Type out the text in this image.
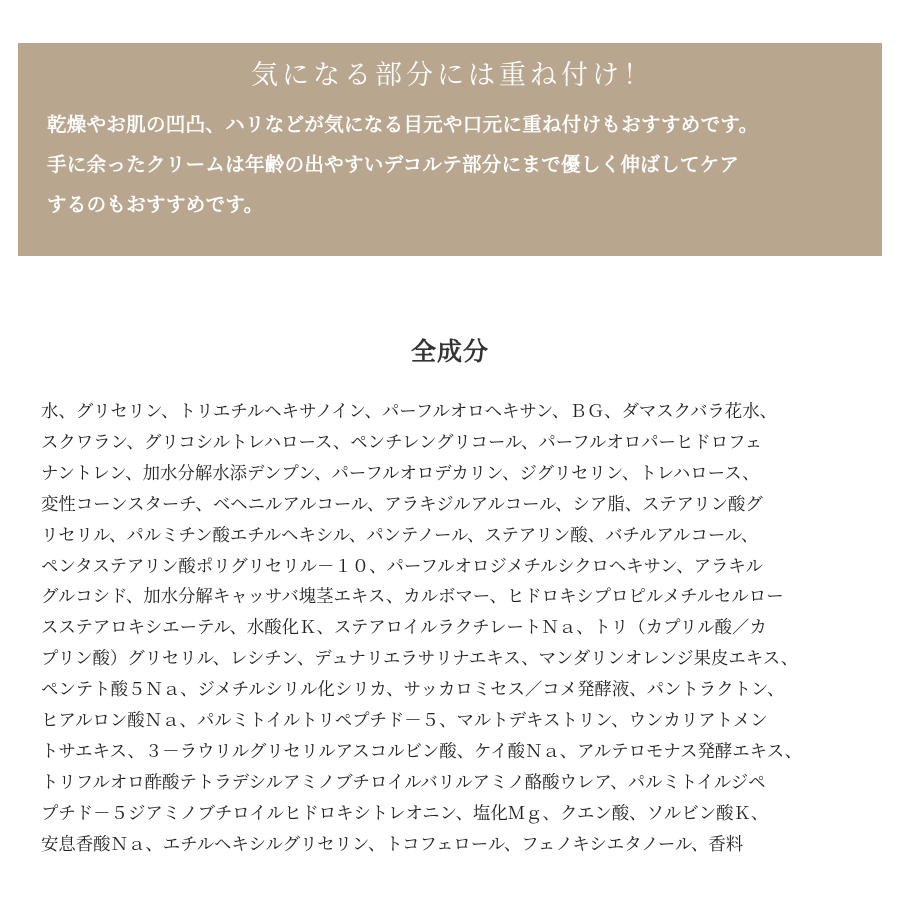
気になる部分には重ね付け！
乾燥やお肌の凹凸、ハリなどが気になる目元や口元に重ね付けもおすすめです。
手に余ったクリームは年齢の出やすいデコルテ部分にまで優しく伸ばしてケア
するのもおすすめです。
全成分
水、グリセリン、トリエチルヘキサノイン、パーフルオロヘキサン、ＢＧ、ダマスクバラ花水、
スクワラン、グリコシルトレハロース、ペンチレングリコール、パーフルオロパーヒドロフェ
ナントレン、加水分解水添デンプン、パーフルオロデカリン、ジグリセリン、トレハロース、
変性コーンスターチ、ベヘニルアルコール、アラキジルアルコール、シア脂、ステアリン酸グ
リセリル、パルミチン酸エチルヘキシル、パンテノール、ステアリン酸、バチルアルコール、
ペンタステアリン酸ポリグリセリル－１０、パーフルオロジメチルシクロヘキサン、アラキル
グルコシド、加水分解キャッサバ塊茎エキス、カルボマー、ヒドロキシプロピルメチルセルロー
スステアロキシエーテル、水酸化Ｋ、ステアロイルラクチレートＮａ、トリ（カプリル酸／カ
プリン酸）グリセリル、レシチン、デュナリエラサリナエキス、マンダリンオレンジ果皮エキス、
ペンテト酸５Ｎａ、ジメチルシリル化シリカ、サッカロミセス／コメ発酵液、パントラクトン、
ヒアルロン酸Ｎａ、パルミトイルトリペプチド－５、マルトデキストリン、ウンカリアトメン
トサエキス、３－ラウリルグリセリルアスコルビン酸、ケイ酸Ｎａ、アルテロモナス発酵エキス、
トリフルオロ酢酸テトラデシルアミノブチロイルバリルアミノ酪酸ウレア、パルミトイルジペ
プチド－５ジアミノブチロイルヒドロキシトレオニン、塩化Ｍｇ、クエン酸、ソルビン酸Ｋ、
安息香酸Ｎａ、エチルヘキシルグリセリン、トコフェロール、フェノキシエタノール、香料
